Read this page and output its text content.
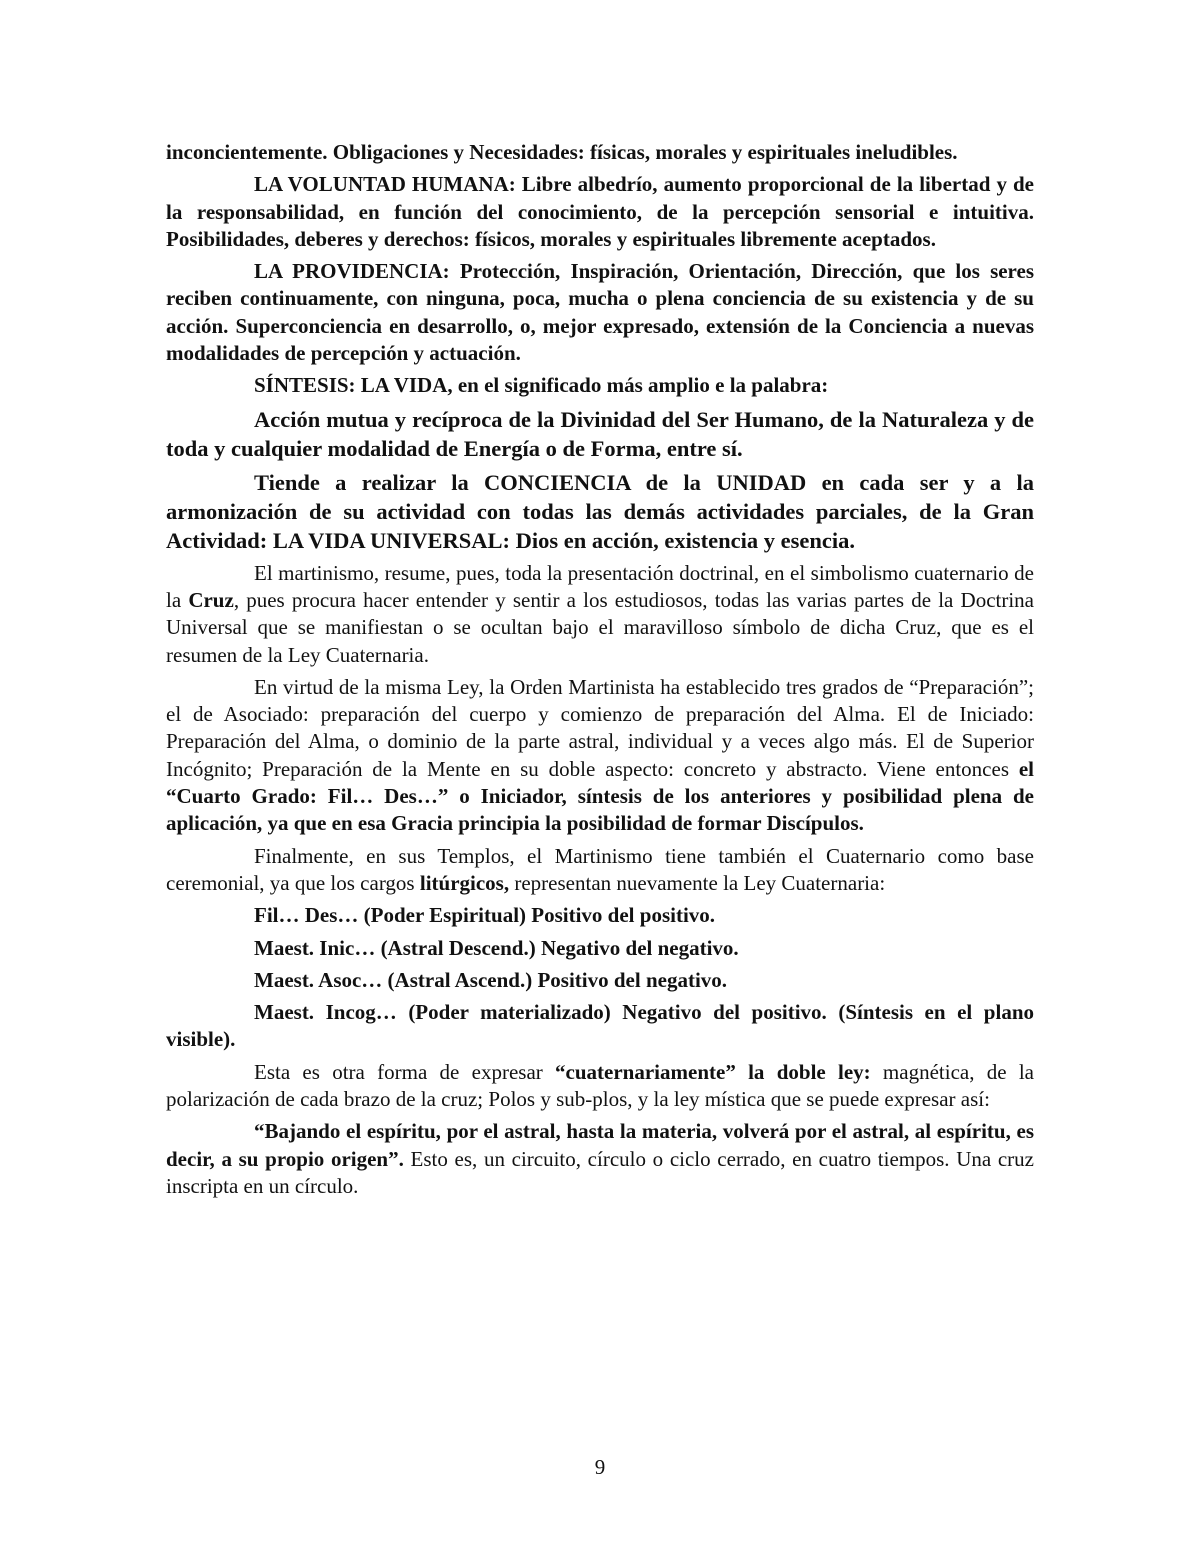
inconcientemente. Obligaciones y Necesidades: físicas, morales y espirituales ineludibles.

LA VOLUNTAD HUMANA: Libre albedrío, aumento proporcional de la libertad y de la responsabilidad, en función del conocimiento, de la percepción sensorial e intuitiva. Posibilidades, deberes y derechos: físicos, morales y espirituales libremente aceptados.

LA PROVIDENCIA: Protección, Inspiración, Orientación, Dirección, que los seres reciben continuamente, con ninguna, poca, mucha o plena conciencia de su existencia y de su acción. Superconciencia en desarrollo, o, mejor expresado, extensión de la Conciencia a nuevas modalidades de percepción y actuación.

SÍNTESIS: LA VIDA, en el significado más amplio e la palabra:

Acción mutua y recíproca de la Divinidad del Ser Humano, de la Naturaleza y de toda y cualquier modalidad de Energía o de Forma, entre sí.

Tiende a realizar la CONCIENCIA de la UNIDAD en cada ser y a la armonización de su actividad con todas las demás actividades parciales, de la Gran Actividad: LA VIDA UNIVERSAL: Dios en acción, existencia y esencia.

El martinismo, resume, pues, toda la presentación doctrinal, en el simbolismo cuaternario de la Cruz, pues procura hacer entender y sentir a los estudiosos, todas las varias partes de la Doctrina Universal que se manifiestan o se ocultan bajo el maravilloso símbolo de dicha Cruz, que es el resumen de la Ley Cuaternaria.

En virtud de la misma Ley, la Orden Martinista ha establecido tres grados de “Preparación”; el de Asociado: preparación del cuerpo y comienzo de preparación del Alma. El de Iniciado: Preparación del Alma, o dominio de la parte astral, individual y a veces algo más. El de Superior Incógnito; Preparación de la Mente en su doble aspecto: concreto y abstracto. Viene entonces el “Cuarto Grado: Fil… Des…” o Iniciador, síntesis de los anteriores y posibilidad plena de aplicación, ya que en esa Gracia principia la posibilidad de formar Discípulos.

Finalmente, en sus Templos, el Martinismo tiene también el Cuaternario como base ceremonial, ya que los cargos litúrgicos, representan nuevamente la Ley Cuaternaria:

Fil… Des… (Poder Espiritual) Positivo del positivo.

Maest. Inic… (Astral Descend.) Negativo del negativo.

Maest. Asoc… (Astral Ascend.) Positivo del negativo.

Maest. Incog… (Poder materializado) Negativo del positivo. (Síntesis en el plano visible).

Esta es otra forma de expresar “cuaternariamente” la doble ley: magnética, de la polarización de cada brazo de la cruz; Polos y sub-plos, y la ley mística que se puede expresar así:

“Bajando el espíritu, por el astral, hasta la materia, volverá por el astral, al espíritu, es decir, a su propio origen”. Esto es, un circuito, círculo o ciclo cerrado, en cuatro tiempos. Una cruz inscripta en un círculo.

9
